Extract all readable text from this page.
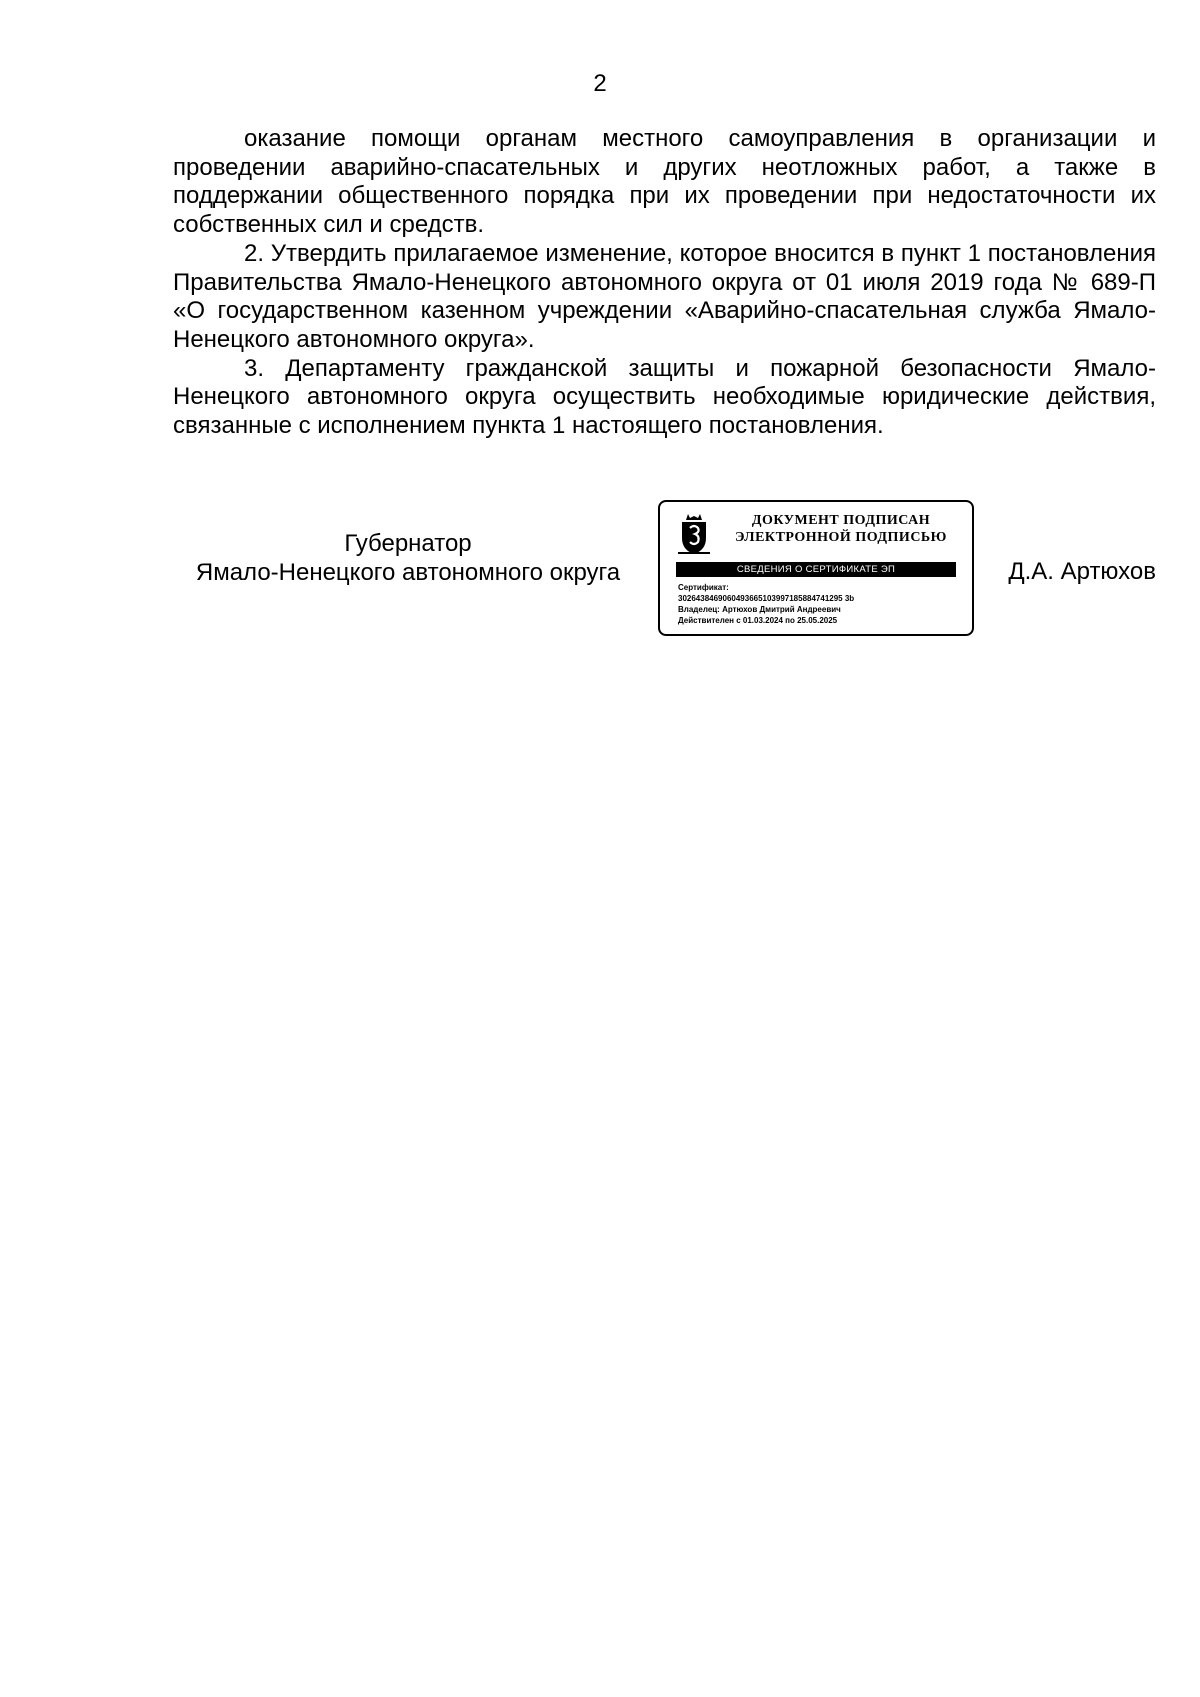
2

оказание помощи органам местного самоуправления в организации и проведении аварийно-спасательных и других неотложных работ, а также в поддержании общественного порядка при их проведении при недостаточности их собственных сил и средств.

2. Утвердить прилагаемое изменение, которое вносится в пункт 1 постановления Правительства Ямало-Ненецкого автономного округа от 01 июля 2019 года № 689-П «О государственном казенном учреждении «Аварийно-спасательная служба Ямало-Ненецкого автономного округа».

3. Департаменту гражданской защиты и пожарной безопасности Ямало-Ненецкого автономного округа осуществить необходимые юридические действия, связанные с исполнением пункта 1 настоящего постановления.

Губернатор
Ямало-Ненецкого автономного округа
ДОКУМЕНТ ПОДПИСАН
ЭЛЕКТРОННОЙ ПОДПИСЬЮ
СВЕДЕНИЯ О СЕРТИФИКАТЕ ЭП
Сертификат:
3026438469060493665103997185884741295 3b
Владелец: Артюхов Дмитрий Андреевич
Действителен с 01.03.2024 по 25.05.2025
Д.А. Артюхов
